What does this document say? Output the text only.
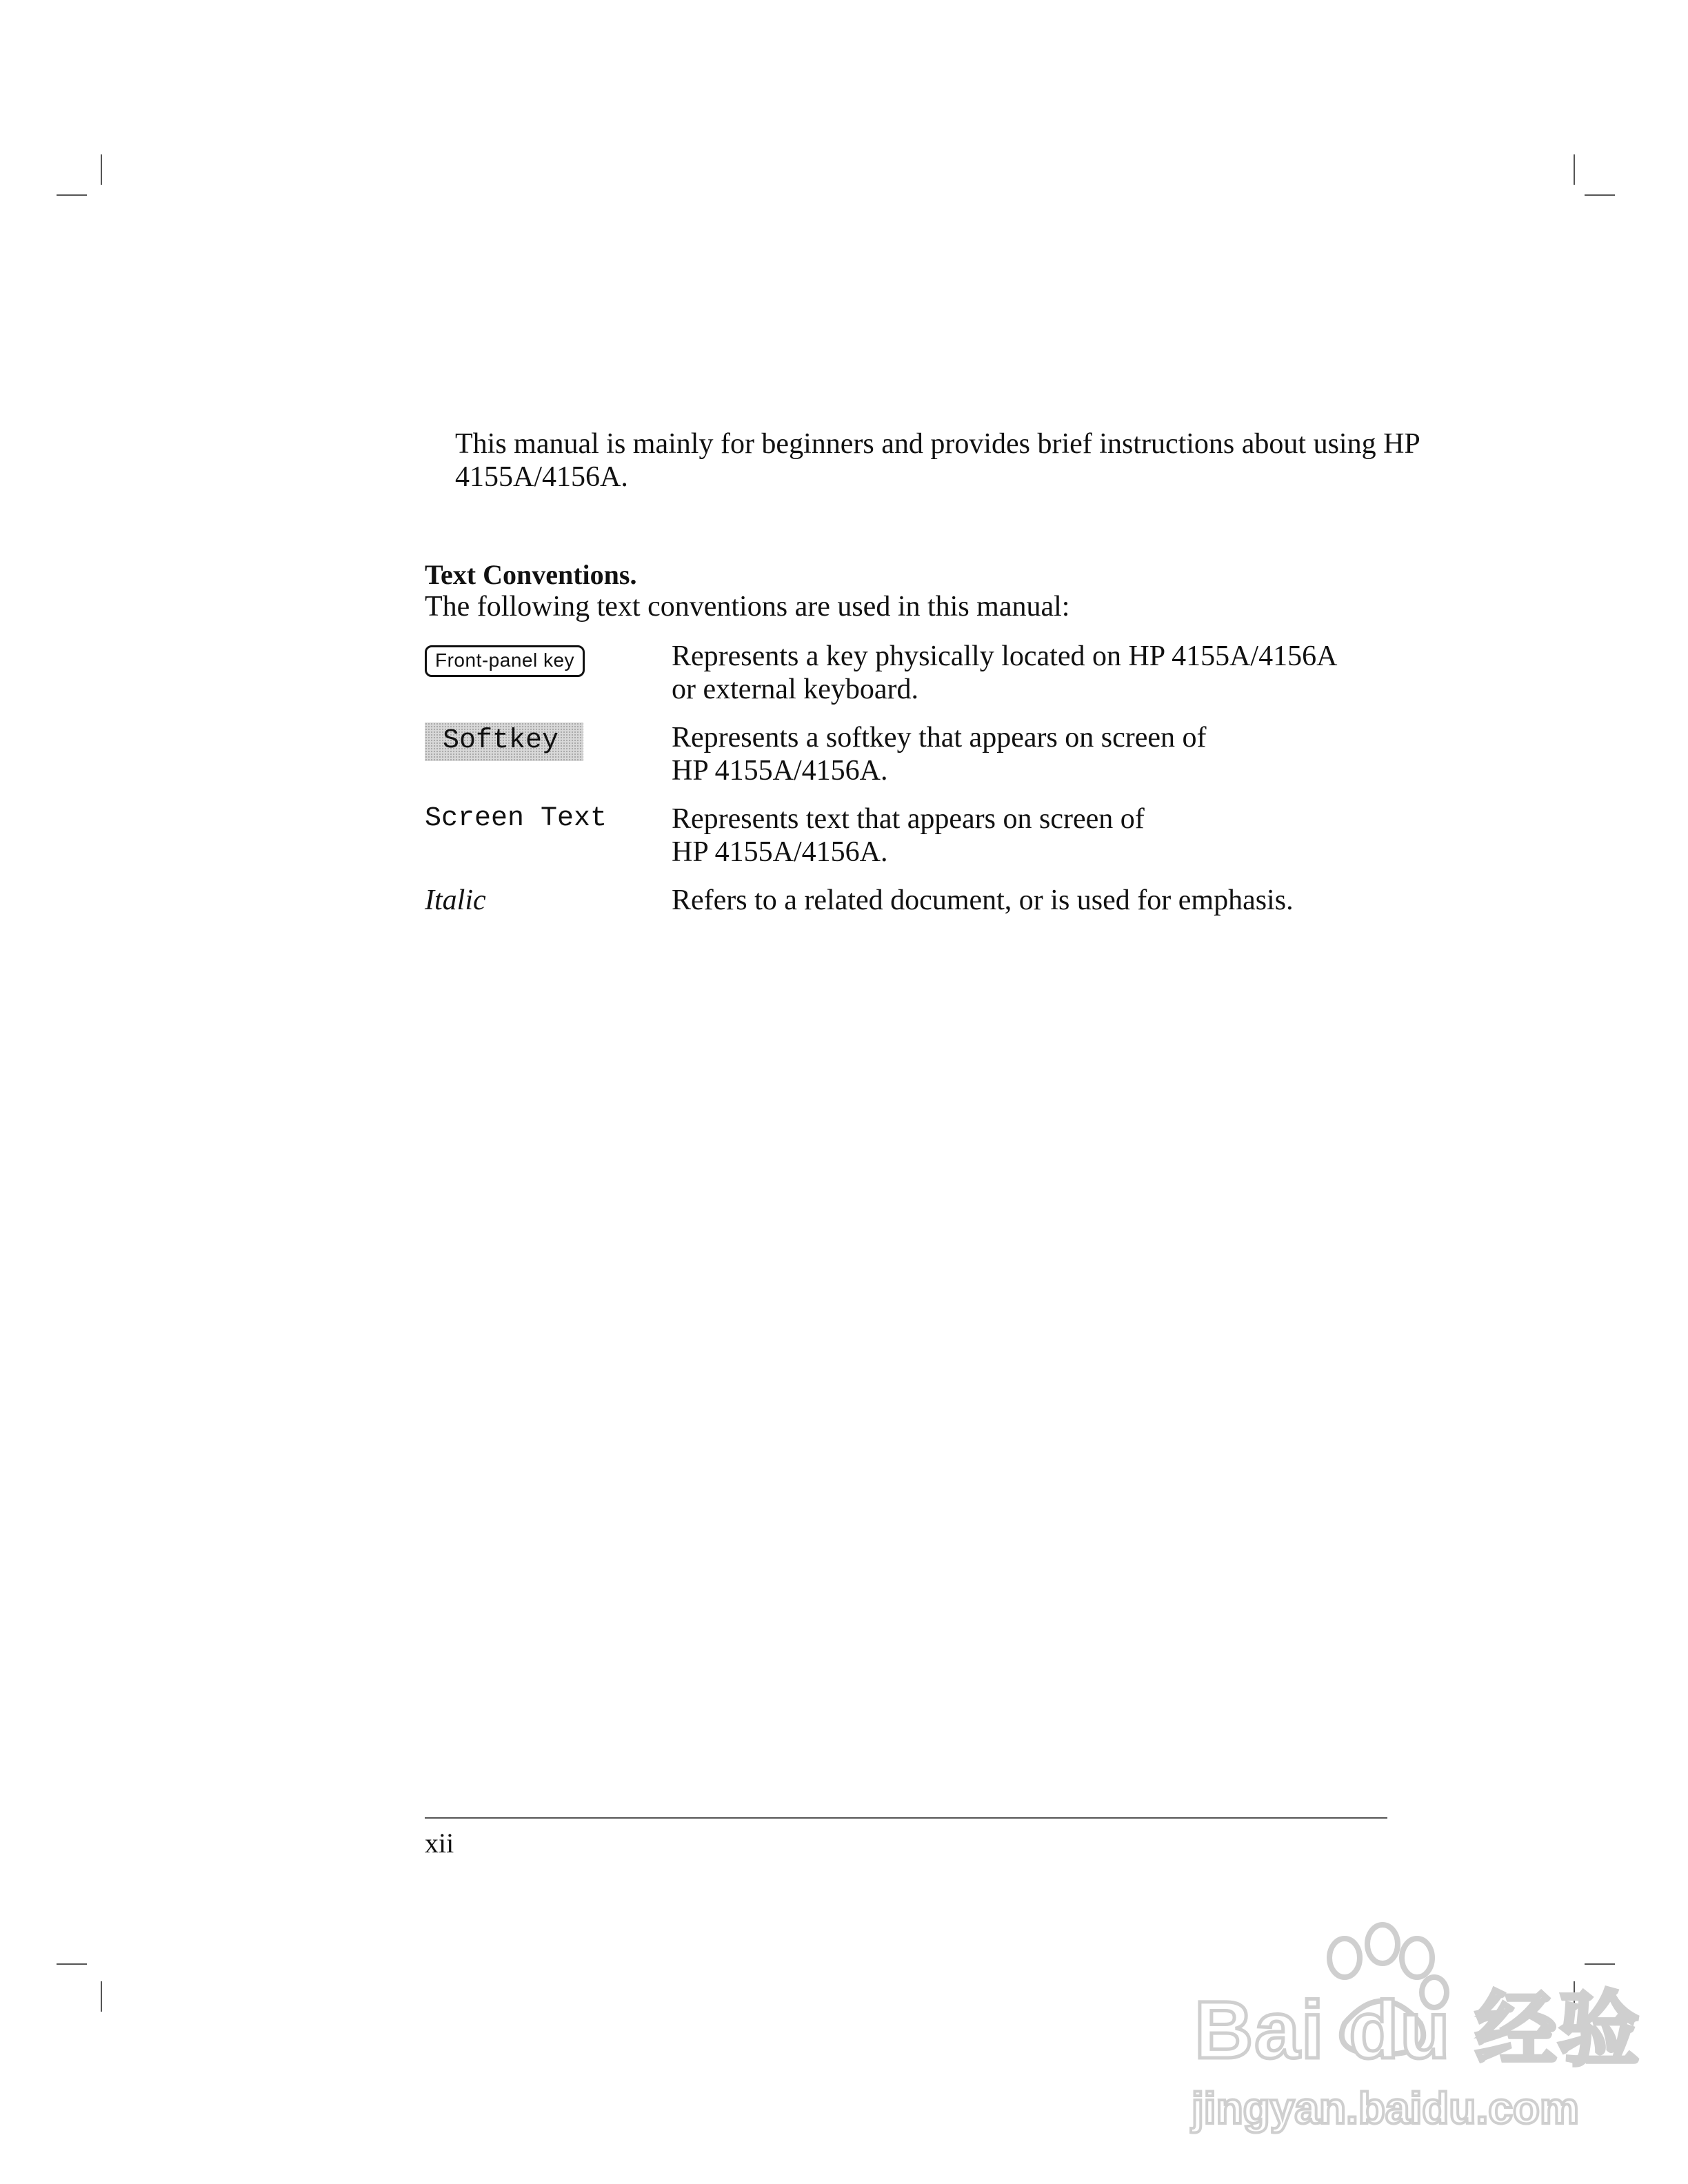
This manual is mainly for beginners and provides brief instructions about using HP 4155A/4156A.

Text Conventions.

The following text conventions are used in this manual:

Front-panel key	Represents a key physically located on HP 4155A/4156A
or external keyboard.
Softkey	Represents a softkey that appears on screen of
HP 4155A/4156A.
Screen Text	Represents text that appears on screen of
HP 4155A/4156A.
Italic	Refers to a related document, or is used for emphasis.
xii
Bai du 经验
jingyan.baidu.com
